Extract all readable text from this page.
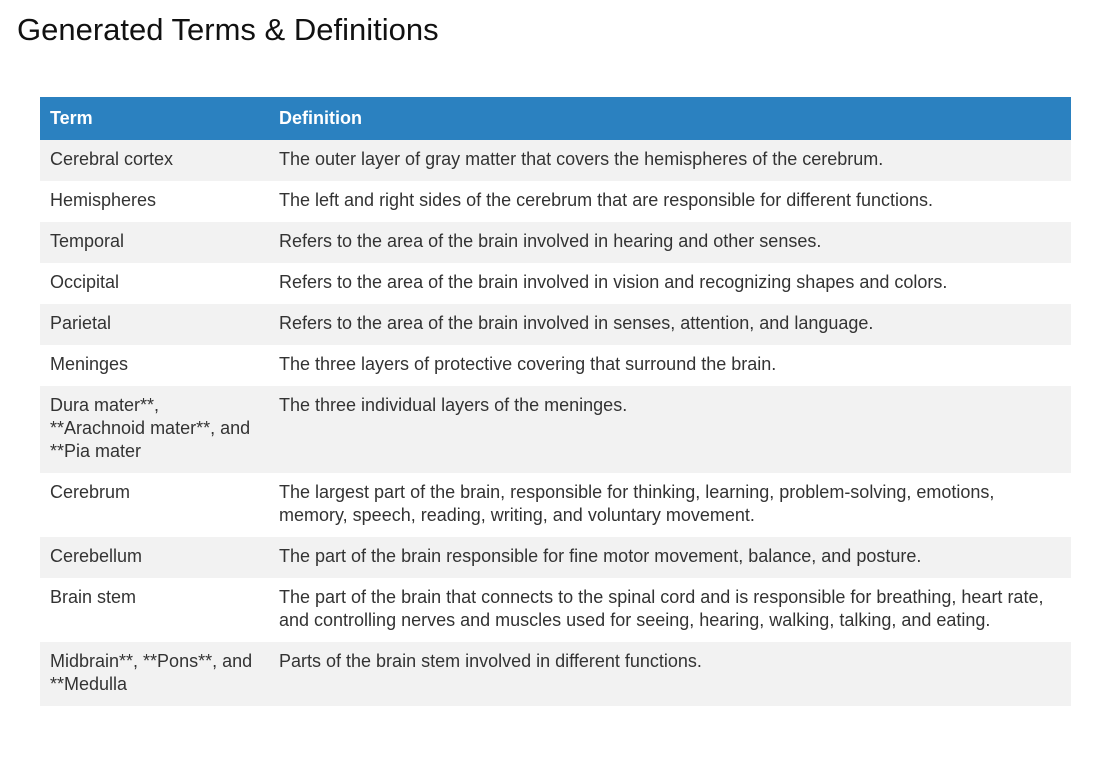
Generated Terms & Definitions
Term	Definition
Cerebral cortex	The outer layer of gray matter that covers the hemispheres of the cerebrum.
Hemispheres	The left and right sides of the cerebrum that are responsible for different functions.
Temporal	Refers to the area of the brain involved in hearing and other senses.
Occipital	Refers to the area of the brain involved in vision and recognizing shapes and colors.
Parietal	Refers to the area of the brain involved in senses, attention, and language.
Meninges	The three layers of protective covering that surround the brain.
Dura mater**, **Arachnoid mater**, and **Pia mater	The three individual layers of the meninges.
Cerebrum	The largest part of the brain, responsible for thinking, learning, problem-solving, emotions, memory, speech, reading, writing, and voluntary movement.
Cerebellum	The part of the brain responsible for fine motor movement, balance, and posture.
Brain stem	The part of the brain that connects to the spinal cord and is responsible for breathing, heart rate, and controlling nerves and muscles used for seeing, hearing, walking, talking, and eating.
Midbrain**, **Pons**, and **Medulla	Parts of the brain stem involved in different functions.
